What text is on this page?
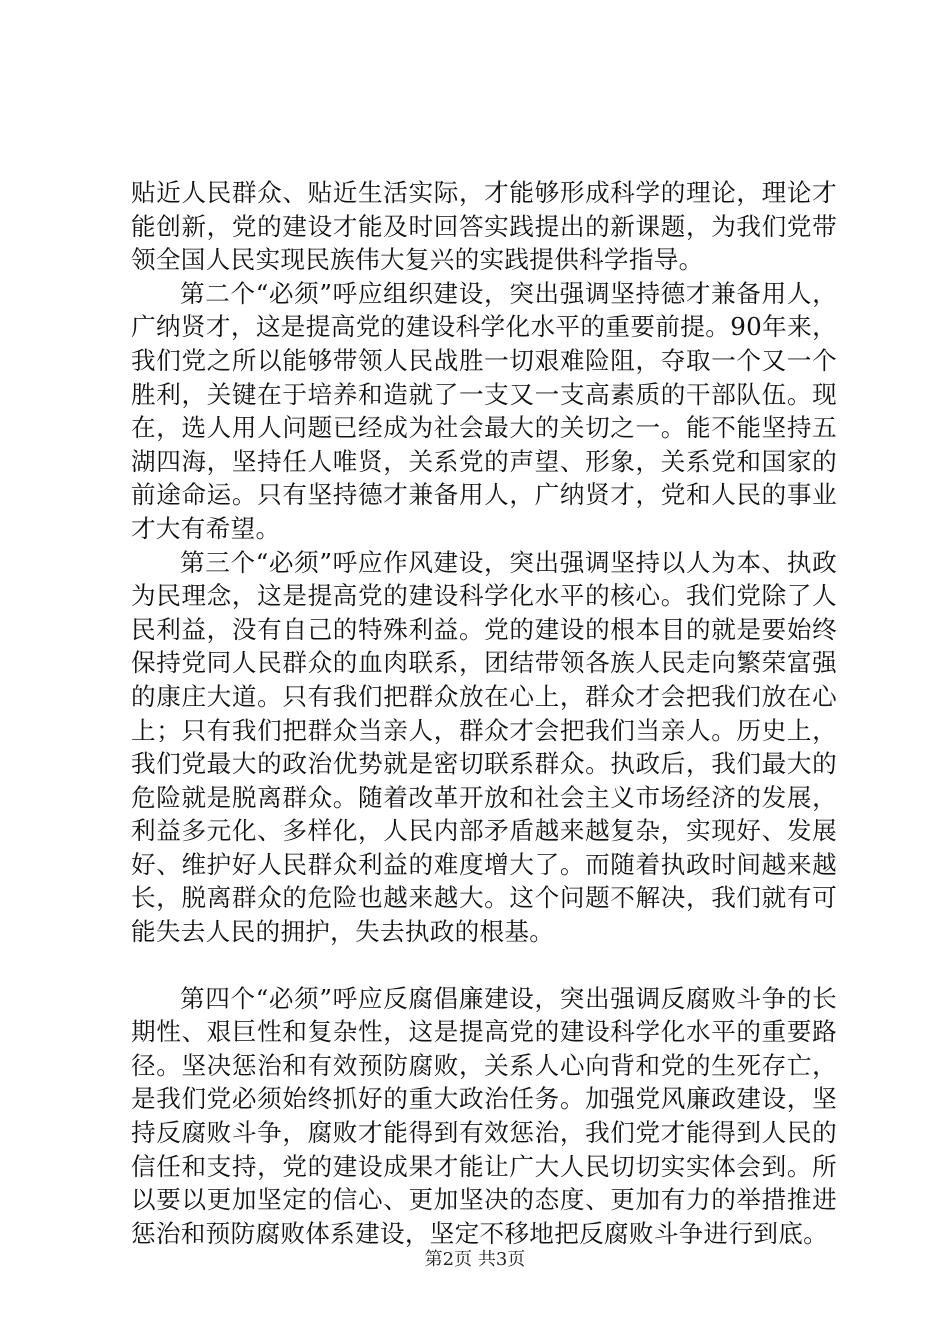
贴近人民群众、贴近生活实际，才能够形成科学的理论，理论才能创新，党的建设才能及时回答实践提出的新课题，为我们党带领全国人民实现民族伟大复兴的实践提供科学指导。

第二个“必须”呼应组织建设，突出强调坚持德才兼备用人，广纳贤才，这是提高党的建设科学化水平的重要前提。90年来，我们党之所以能够带领人民战胜一切艰难险阻，夺取一个又一个胜利，关键在于培养和造就了一支又一支高素质的干部队伍。现在，选人用人问题已经成为社会最大的关切之一。能不能坚持五湖四海，坚持任人唯贤，关系党的声望、形象，关系党和国家的前途命运。只有坚持德才兼备用人，广纳贤才，党和人民的事业才大有希望。

第三个“必须”呼应作风建设，突出强调坚持以人为本、执政为民理念，这是提高党的建设科学化水平的核心。我们党除了人民利益，没有自己的特殊利益。党的建设的根本目的就是要始终保持党同人民群众的血肉联系，团结带领各族人民走向繁荣富强的康庄大道。只有我们把群众放在心上，群众才会把我们放在心上；只有我们把群众当亲人，群众才会把我们当亲人。历史上，我们党最大的政治优势就是密切联系群众。执政后，我们最大的危险就是脱离群众。随着改革开放和社会主义市场经济的发展，利益多元化、多样化，人民内部矛盾越来越复杂，实现好、发展好、维护好人民群众利益的难度增大了。而随着执政时间越来越长，脱离群众的危险也越来越大。这个问题不解决，我们就有可能失去人民的拥护，失去执政的根基。

第四个“必须”呼应反腐倡廉建设，突出强调反腐败斗争的长期性、艰巨性和复杂性，这是提高党的建设科学化水平的重要路径。坚决惩治和有效预防腐败，关系人心向背和党的生死存亡，是我们党必须始终抓好的重大政治任务。加强党风廉政建设，坚持反腐败斗争，腐败才能得到有效惩治，我们党才能得到人民的信任和支持，党的建设成果才能让广大人民切切实实体会到。所以要以更加坚定的信心、更加坚决的态度、更加有力的举措推进惩治和预防腐败体系建设，坚定不移地把反腐败斗争进行到底。

第2页 共3页
